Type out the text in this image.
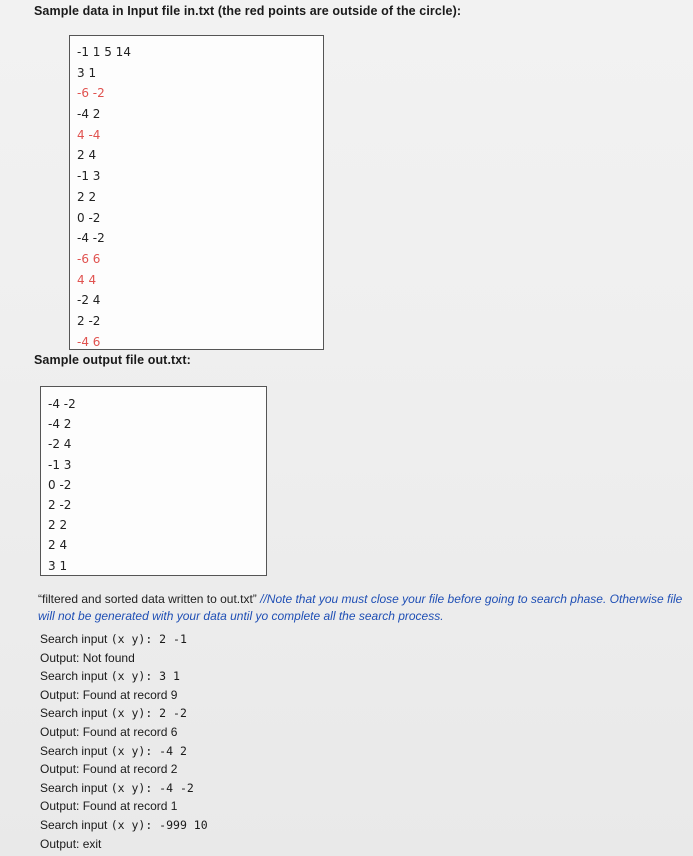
Sample data in Input file in.txt (the red points are outside of the circle):
-1 1 5 14
3 1
-6 -2
-4 2
4 -4
2 4
-1 3
2 2
0 -2
-4 -2
-6 6
4 4
-2 4
2 -2
-4 6
Sample output file out.txt:
-4 -2
-4 2
-2 4
-1 3
0 -2
2 -2
2 2
2 4
3 1
“filtered and sorted data written to out.txt” //Note that you must close your file before going to search phase. Otherwise file will not be generated with your data until yo complete all the search process.
Search input (x y): 2 -1
Output: Not found
Search input (x y): 3 1
Output: Found at record 9
Search input (x y): 2 -2
Output: Found at record 6
Search input (x y): -4 2
Output: Found at record 2
Search input (x y): -4 -2
Output: Found at record 1
Search input (x y): -999 10
Output: exit
